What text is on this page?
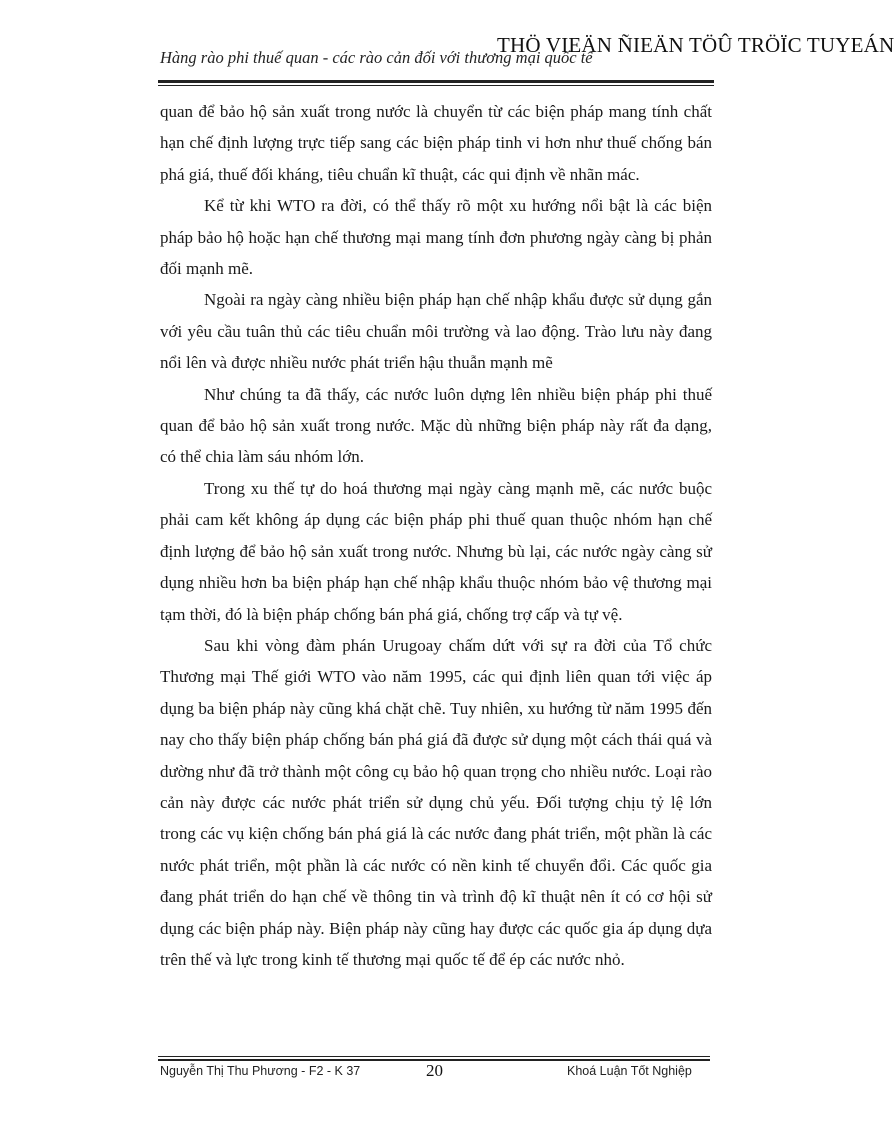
THÖ VIEÄN ÑIEÄN TÖÛ TRÖÏC TUYEÁN
Hàng rào phi thuế quan - các rào cản đối với thương mại quốc tế

quan để bảo hộ sản xuất trong nước là chuyển từ các biện pháp mang tính chất hạn chế định lượng trực tiếp sang các biện pháp tinh vi hơn như thuế chống bán phá giá, thuế đối kháng, tiêu chuẩn kĩ thuật, các qui định về nhãn mác.

Kể từ khi WTO ra đời, có thể thấy rõ một xu hướng nổi bật là các biện pháp bảo hộ hoặc hạn chế thương mại mang tính đơn phương ngày càng bị phản đối mạnh mẽ.

Ngoài ra ngày càng nhiều biện pháp hạn chế nhập khẩu được sử dụng gắn với yêu cầu tuân thủ các tiêu chuẩn môi trường và lao động. Trào lưu này đang nổi lên và được nhiều nước phát triển hậu thuẫn mạnh mẽ

Như chúng ta đã thấy, các nước luôn dựng lên nhiều biện pháp phi thuế quan để bảo hộ sản xuất trong nước. Mặc dù những biện pháp này rất đa dạng, có thể chia làm sáu nhóm lớn.

Trong xu thế tự do hoá thương mại ngày càng mạnh mẽ, các nước buộc phải cam kết không áp dụng các biện pháp phi thuế quan thuộc nhóm hạn chế định lượng để bảo hộ sản xuất trong nước. Nhưng bù lại, các nước ngày càng sử dụng nhiều hơn ba biện pháp hạn chế nhập khẩu thuộc nhóm bảo vệ thương mại tạm thời, đó là biện pháp chống bán phá giá, chống trợ cấp và tự vệ.

Sau khi vòng đàm phán Urugoay chấm dứt với sự ra đời của Tổ chức Thương mại Thế giới WTO vào năm 1995, các qui định liên quan tới việc áp dụng ba biện pháp này cũng khá chặt chẽ. Tuy nhiên, xu hướng từ năm 1995 đến nay cho thấy biện pháp chống bán phá giá đã được sử dụng một cách thái quá và dường như đã trở thành một công cụ bảo hộ quan trọng cho nhiều nước. Loại rào cản này được các nước phát triển sử dụng chủ yếu. Đối tượng chịu tỷ lệ lớn trong các vụ kiện chống bán phá giá là các nước đang phát triển, một phần là các nước phát triển, một phần là các nước có nền kinh tế chuyển đổi. Các quốc gia đang phát triển do hạn chế về thông tin và trình độ kĩ thuật nên ít có cơ hội sử dụng các biện pháp này. Biện pháp này cũng hay được các quốc gia áp dụng dựa trên thế và lực trong kinh tế thương mại quốc tế để ép các nước nhỏ.

Nguyễn Thị Thu Phương - F2 - K 37	20	Khoá Luận Tốt Nghiệp
